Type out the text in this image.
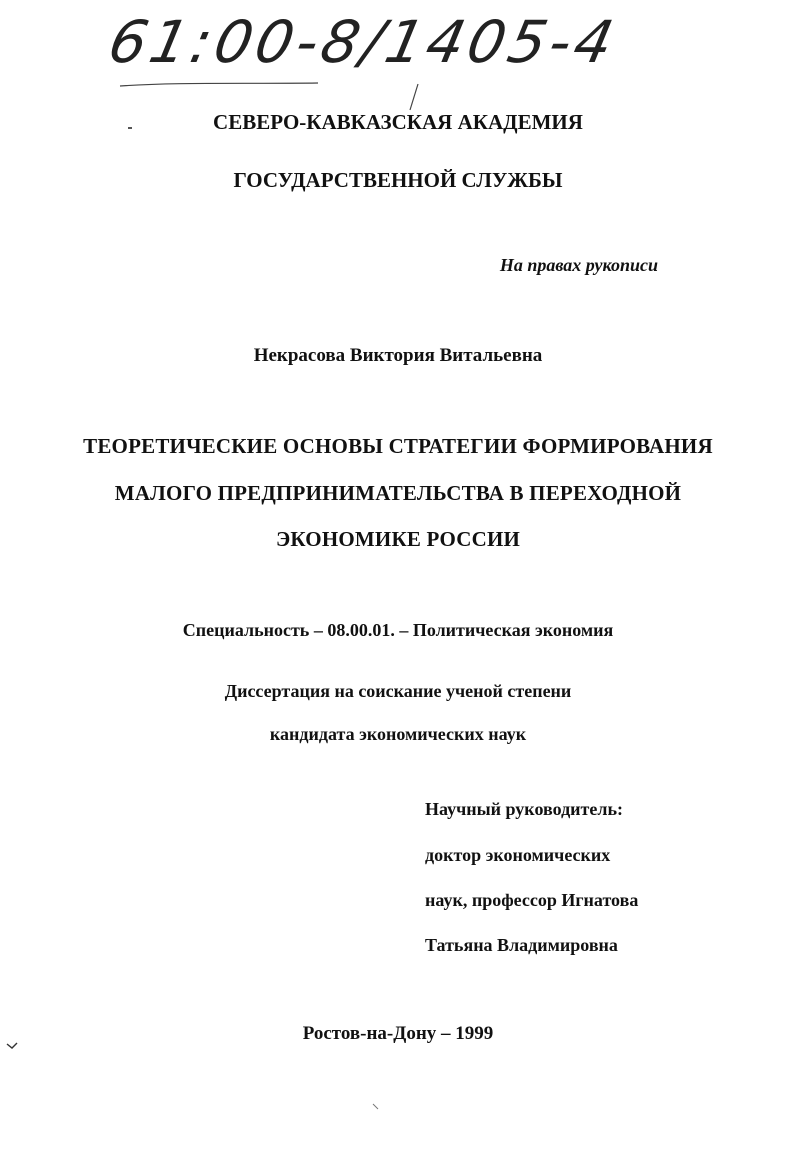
61:00-8/1405-4
СЕВЕРО-КАВКАЗСКАЯ АКАДЕМИЯ
ГОСУДАРСТВЕННОЙ СЛУЖБЫ
На правах рукописи
Некрасова Виктория Витальевна
ТЕОРЕТИЧЕСКИЕ ОСНОВЫ СТРАТЕГИИ ФОРМИРОВАНИЯ
МАЛОГО ПРЕДПРИНИМАТЕЛЬСТВА В ПЕРЕХОДНОЙ
ЭКОНОМИКЕ РОССИИ
Специальность – 08.00.01. – Политическая экономия
Диссертация на соискание ученой степени
кандидата экономических наук
Научный руководитель:
доктор экономических
наук, профессор Игнатова
Татьяна Владимировна
Ростов-на-Дону – 1999
